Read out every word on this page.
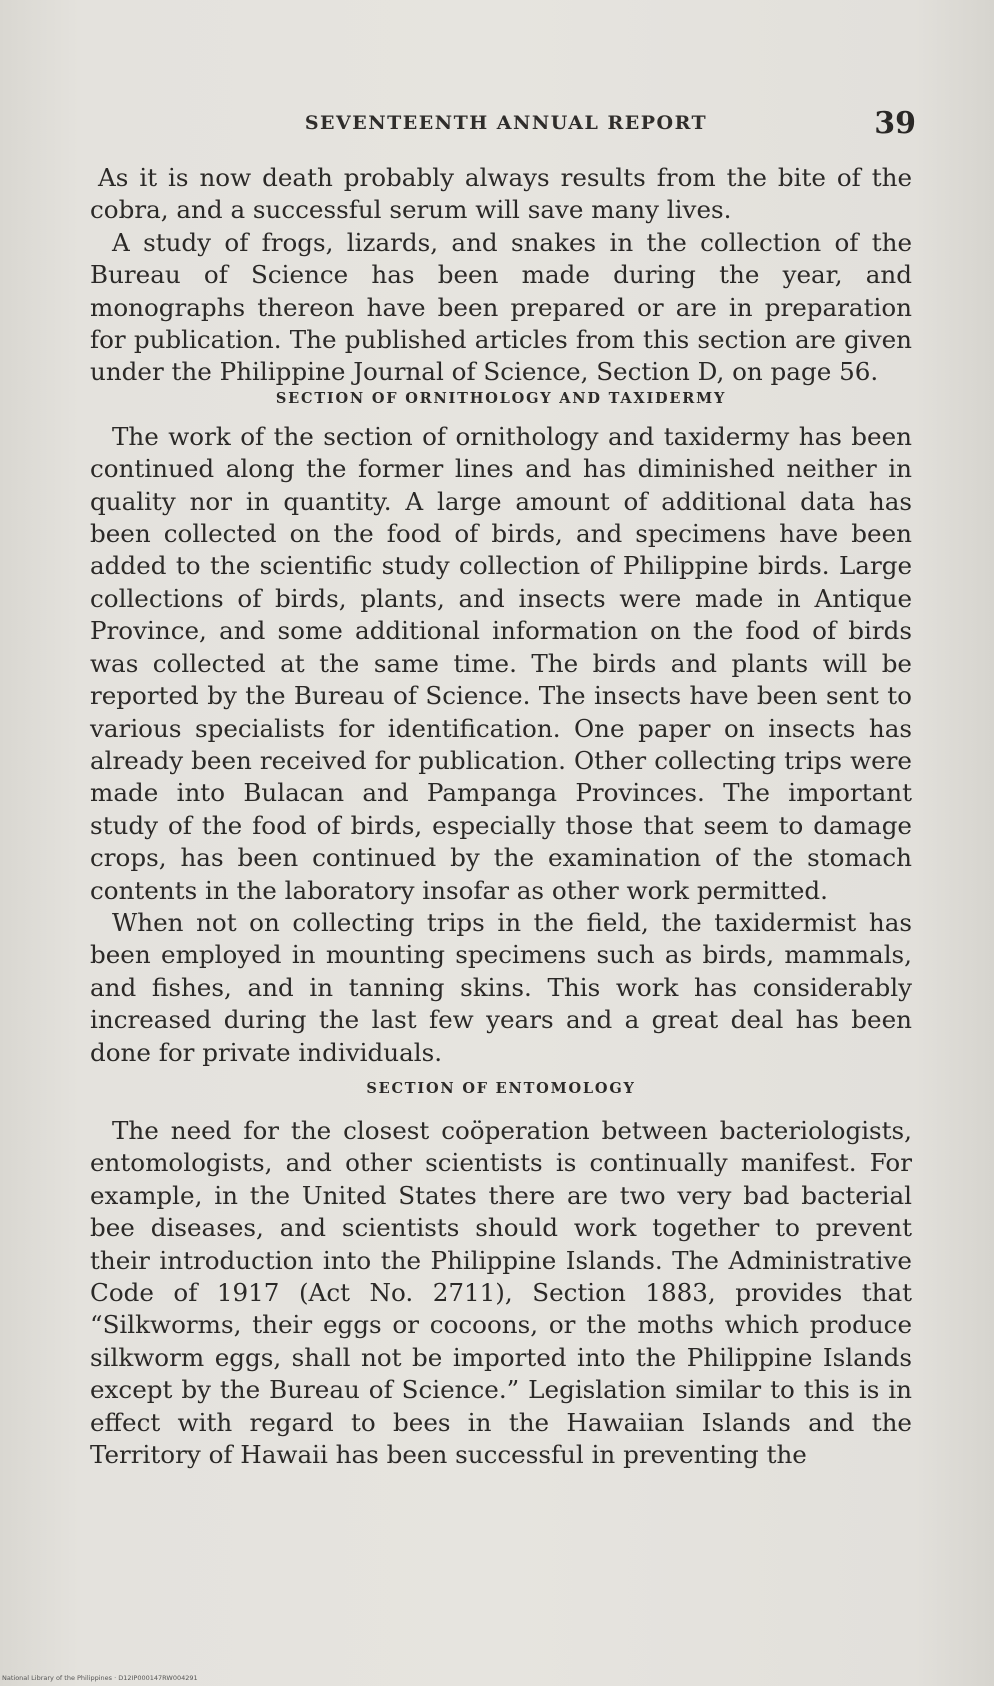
SEVENTEENTH ANNUAL REPORT	39

As it is now death probably always results from the bite of the cobra, and a successful serum will save many lives.

A study of frogs, lizards, and snakes in the collection of the Bureau of Science has been made during the year, and monographs thereon have been prepared or are in preparation for publication. The published articles from this section are given under the Philippine Journal of Science, Section D, on page 56.

SECTION OF ORNITHOLOGY AND TAXIDERMY

The work of the section of ornithology and taxidermy has been continued along the former lines and has diminished neither in quality nor in quantity. A large amount of additional data has been collected on the food of birds, and specimens have been added to the scientific study collection of Philippine birds. Large collections of birds, plants, and insects were made in Antique Province, and some additional information on the food of birds was collected at the same time. The birds and plants will be reported by the Bureau of Science. The insects have been sent to various specialists for identification. One paper on insects has already been received for publication. Other collecting trips were made into Bulacan and Pampanga Provinces. The important study of the food of birds, especially those that seem to damage crops, has been continued by the examination of the stomach contents in the laboratory insofar as other work permitted.

When not on collecting trips in the field, the taxidermist has been employed in mounting specimens such as birds, mammals, and fishes, and in tanning skins. This work has considerably increased during the last few years and a great deal has been done for private individuals.

SECTION OF ENTOMOLOGY

The need for the closest coöperation between bacteriologists, entomologists, and other scientists is continually manifest. For example, in the United States there are two very bad bacterial bee diseases, and scientists should work together to prevent their introduction into the Philippine Islands. The Administrative Code of 1917 (Act No. 2711), Section 1883, provides that “Silkworms, their eggs or cocoons, or the moths which produce silkworm eggs, shall not be imported into the Philippine Islands except by the Bureau of Science.” Legislation similar to this is in effect with regard to bees in the Hawaiian Islands and the Territory of Hawaii has been successful in preventing the

National Library of the Philippines · D12IP000147RW004291
